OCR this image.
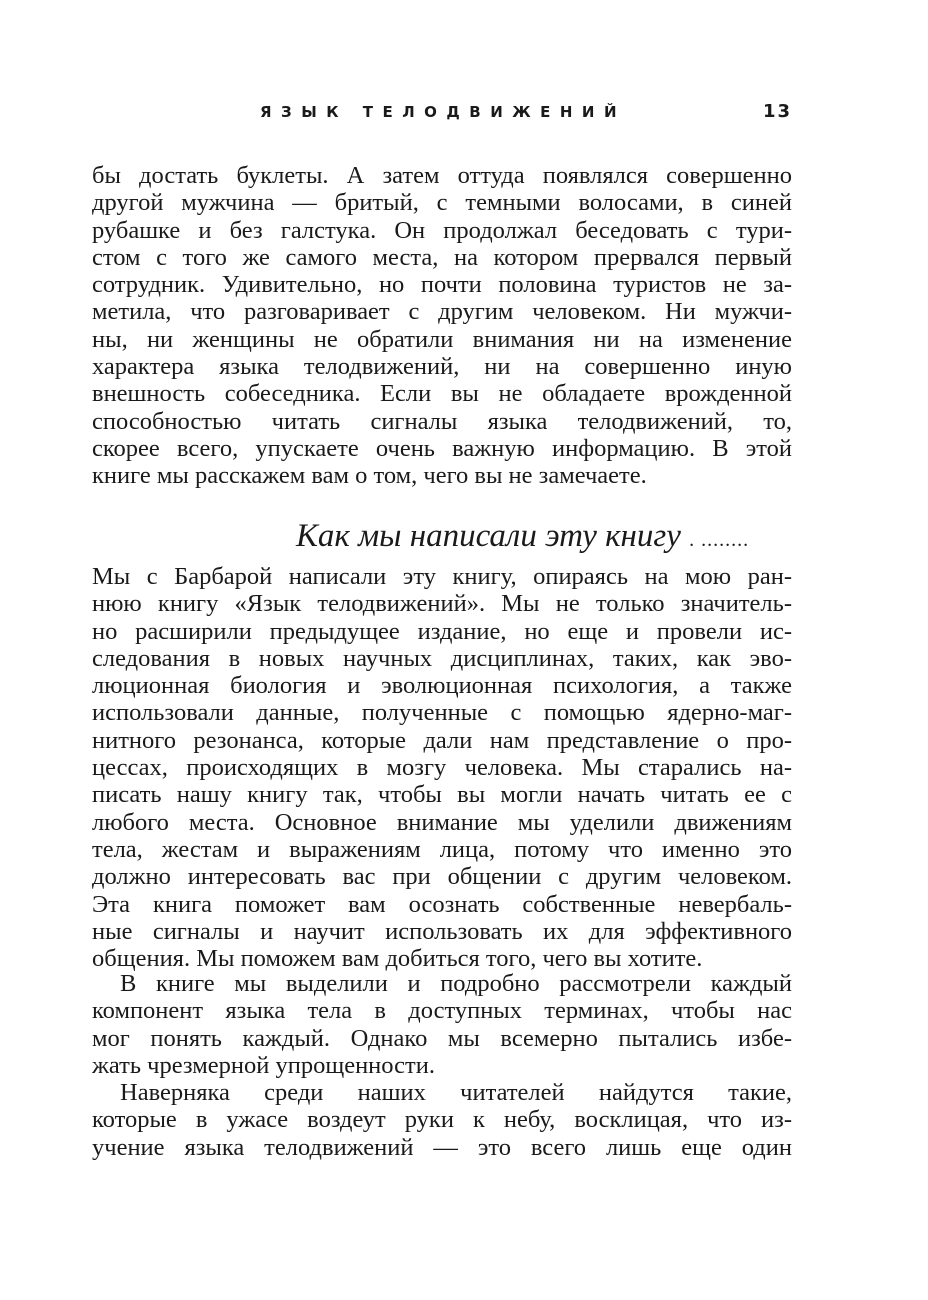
ЯЗЫК ТЕЛОДВИЖЕНИЙ	13
бы достать буклеты. А затем оттуда появлялся совершенно
другой мужчина — бритый, с темными волосами, в синей
рубашке и без галстука. Он продолжал беседовать с тури-
стом с того же самого места, на котором прервался первый
сотрудник. Удивительно, но почти половина туристов не за-
метила, что разговаривает с другим человеком. Ни мужчи-
ны, ни женщины не обратили внимания ни на изменение
характера языка телодвижений, ни на совершенно иную
внешность собеседника. Если вы не обладаете врожденной
способностью читать сигналы языка телодвижений, то,
скорее всего, упускаете очень важную информацию. В этой
книге мы расскажем вам о том, чего вы не замечаете.
Как мы написали эту книгу . ........
Мы с Барбарой написали эту книгу, опираясь на мою ран-
нюю книгу «Язык телодвижений». Мы не только значитель-
но расширили предыдущее издание, но еще и провели ис-
следования в новых научных дисциплинах, таких, как эво-
люционная биология и эволюционная психология, а также
использовали данные, полученные с помощью ядерно-маг-
нитного резонанса, которые дали нам представление о про-
цессах, происходящих в мозгу человека. Мы старались на-
писать нашу книгу так, чтобы вы могли начать читать ее с
любого места. Основное внимание мы уделили движениям
тела, жестам и выражениям лица, потому что именно это
должно интересовать вас при общении с другим человеком.
Эта книга поможет вам осознать собственные невербаль-
ные сигналы и научит использовать их для эффективного
общения. Мы поможем вам добиться того, чего вы хотите.
В книге мы выделили и подробно рассмотрели каждый
компонент языка тела в доступных терминах, чтобы нас
мог понять каждый. Однако мы всемерно пытались избе-
жать чрезмерной упрощенности.
Наверняка среди наших читателей найдутся такие,
которые в ужасе воздеут руки к небу, восклицая, что из-
учение языка телодвижений — это всего лишь еще один
